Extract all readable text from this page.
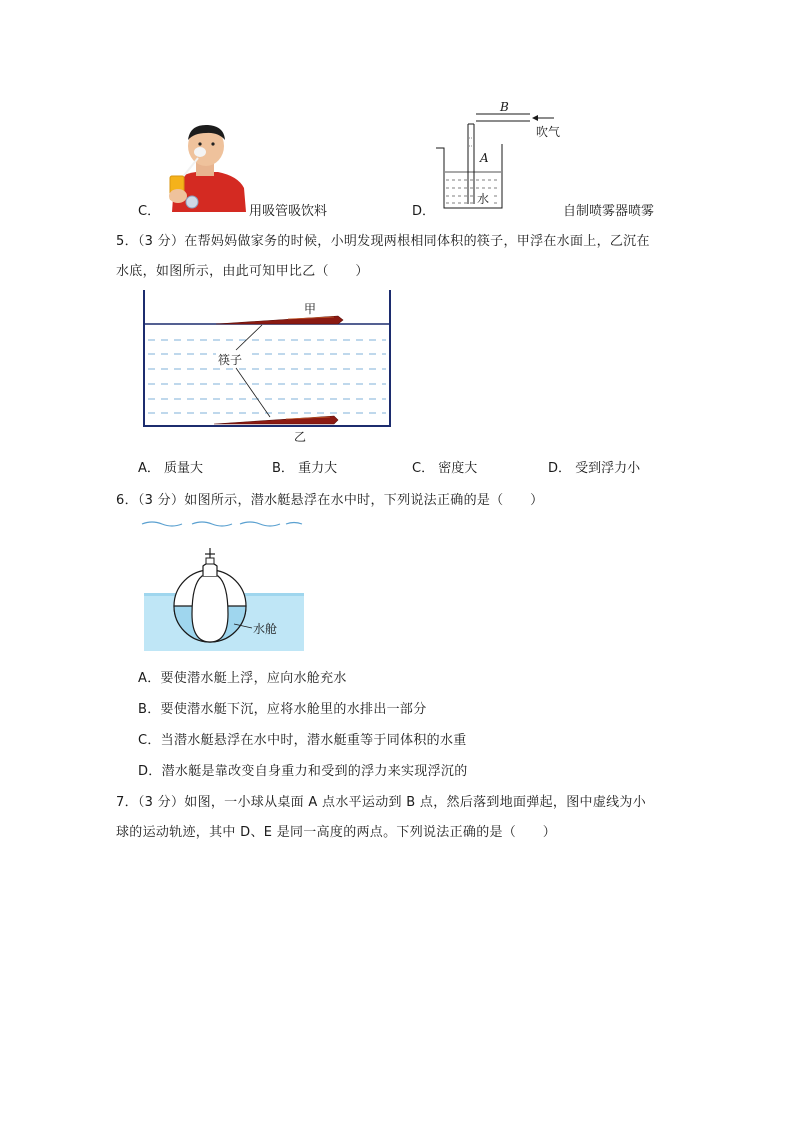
C．	用吸管吸饮料
B
吹气
A
水
D．	自制喷雾器喷雾
5．（3 分）在帮妈妈做家务的时候，小明发现两根相同体积的筷子，甲浮在水面上，乙沉在
水底，如图所示，由此可知甲比乙（　　）
甲
乙
筷子
A． 质量大	B． 重力大	C． 密度大	D． 受到浮力小
6．（3 分）如图所示，潜水艇悬浮在水中时，下列说法正确的是（　　）
水舱
A．要使潜水艇上浮，应向水舱充水
B．要使潜水艇下沉，应将水舱里的水排出一部分
C．当潜水艇悬浮在水中时，潜水艇重等于同体积的水重
D．潜水艇是靠改变自身重力和受到的浮力来实现浮沉的
7．（3 分）如图，一小球从桌面 A 点水平运动到 B 点，然后落到地面弹起，图中虚线为小
球的运动轨迹，其中 D、E 是同一高度的两点。下列说法正确的是（　　）
